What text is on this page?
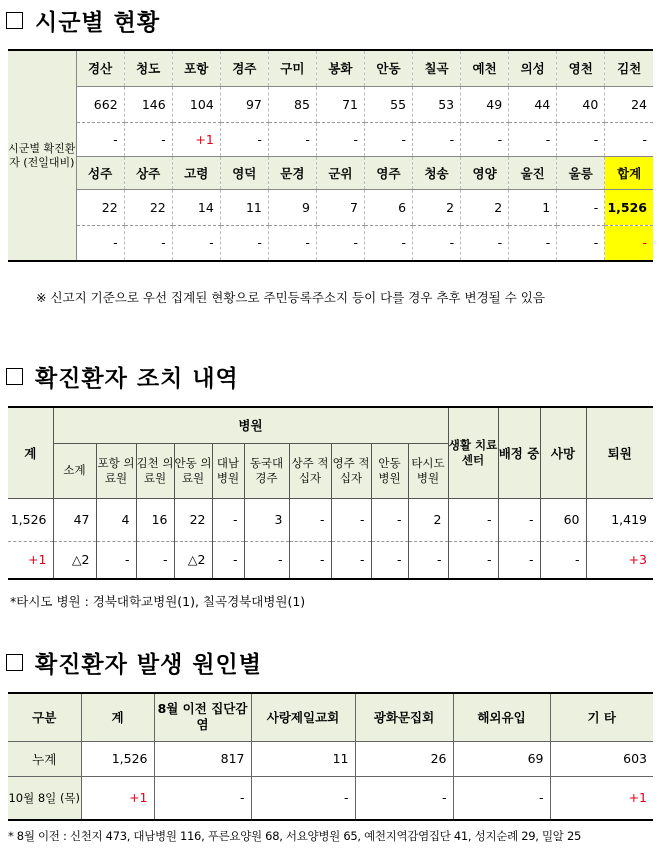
시군별 현황
시군별 확진환자 (전일대비)	경산	청도	포항	경주	구미	봉화	안동	칠곡	예천	의성	영천	김천
	662	146	104	97	85	71	55	53	49	44	40	24
	-	-	+1	-	-	-	-	-	-	-	-	-
	성주	상주	고령	영덕	문경	군위	영주	청송	영양	울진	울릉	합계
	22	22	14	11	9	7	6	2	2	1	-	1,526
	-	-	-	-	-	-	-	-	-	-	-	-
※ 신고지 기준으로 우선 집계된 현황으로 주민등록주소지 등이 다를 경우 추후 변경될 수 있음
확진환자 조치 내역
계	병원										생활 치료 센터	배정 중	사망	퇴원
	소계	포항 의료원	김천 의료원	안동 의료원	대남 병원	동국대 경주	상주 적십자	영주 적십자	안동 병원	타시도 병원				
1,526	47	4	16	22	-	3	-	-	-	2	-	-	60	1,419
+1	△2	-	-	△2	-	-	-	-	-	-	-	-	-	+3
*타시도 병원 : 경북대학교병원(1), 칠곡경북대병원(1)
확진환자 발생 원인별
구분	계	8월 이전 집단감염	사랑제일교회	광화문집회	해외유입	기 타
누계	1,526	817	11	26	69	603
10월 8일 (목)	+1	-	-	-	-	+1
* 8월 이전 : 신천지 473, 대남병원 116, 푸른요양원 68, 서요양병원 65, 예천지역감염집단 41, 성지순례 29, 밀알 25
